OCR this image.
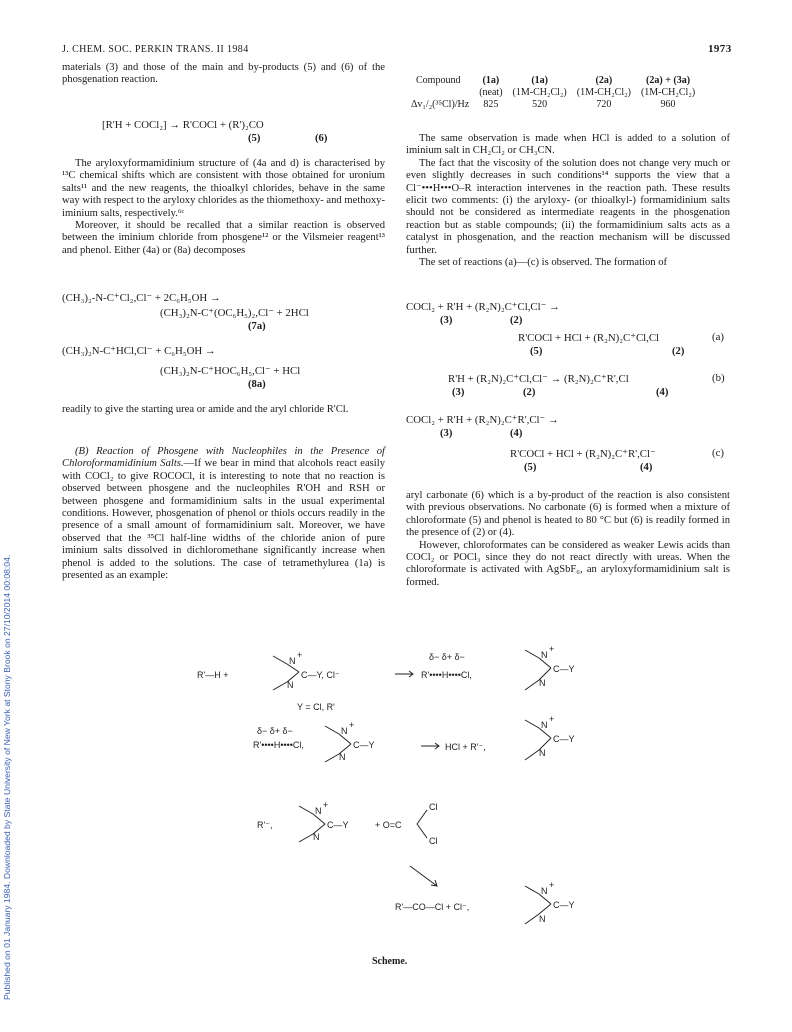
J. CHEM. SOC. PERKIN TRANS. II 1984	1973
Published on 01 January 1984. Downloaded by State University of New York at Stony Brook on 27/10/2014 00:08:04.

materials (3) and those of the main and by-products (5) and (6) of the phosgenation reaction.

[R'H + COCl₂] → R'COCl + (R')₂CO
(5)	(6)

The aryloxyformamidinium structure of (4a and d) is characterised by ¹³C chemical shifts which are consistent with those obtained for uronium salts¹¹ and the new reagents, the thioalkyl chlorides, behave in the same way with respect to the aryloxy chlorides as the thiomethoxy- and methoxy-iminium salts, respectively.⁶ᶜ

Moreover, it should be recalled that a similar reaction is observed between the iminium chloride from phosgene¹² or the Vilsmeier reagent¹³ and phenol. Either (4a) or (8a) decomposes

(CH₃)₂-N-C⁺Cl₂,Cl⁻ + 2C₆H₅OH →
(CH₃)₂N-C⁺(OC₆H₅)₂,Cl⁻ + 2HCl
(7a)
(CH₃)₂N-C⁺HCl,Cl⁻ + C₆H₅OH →
(CH₃)₂N-C⁺HOC₆H₅,Cl⁻ + HCl
(8a)

readily to give the starting urea or amide and the aryl chloride R'Cl.

(B) Reaction of Phosgene with Nucleophiles in the Presence of Chloroformamidinium Salts.—If we bear in mind that alcohols react easily with COCl₂ to give ROCOCl, it is interesting to note that no reaction is observed between phosgene and the nucleophiles R'OH and RSH or between phosgene and formamidinium salts in the usual experimental conditions. However, phosgenation of phenol or thiols occurs readily in the presence of a small amount of formamidinium salt. Moreover, we have observed that the ³⁵Cl half-line widths of the chloride anion of pure iminium salts dissolved in dichloromethane significantly increase when phenol is added to the solutions. The case of tetramethylurea (1a) is presented as an example:

Compound	(1a)	(1a)	(2a)	(2a) + (3a)
	(neat)	(1M-CH₂Cl₂)	(1M-CH₂Cl₂)	(1M-CH₂Cl₂)
Δv₁/₂(³⁵Cl)/Hz	825	520	720	960

The same observation is made when HCl is added to a solution of iminium salt in CH₂Cl₂ or CH₃CN.

The fact that the viscosity of the solution does not change very much or even slightly decreases in such conditions¹⁴ supports the view that a Cl⁻•••H•••O–R interaction intervenes in the reaction path. These results elicit two comments: (i) the aryloxy- (or thioalkyl-) formamidinium salts should not be considered as intermediate reagents in the phosgenation reaction but as stable compounds; (ii) the formamidinium salts acts as a catalyst in phosgenation, and the reaction mechanism will be discussed further.

The set of reactions (a)—(c) is observed. The formation of

COCl₂ + R'H + (R₂N)₂C⁺Cl,Cl⁻ →
(3)	(2)
R'COCl + HCl + (R₂N)₂C⁺Cl,Cl	(a)
(5)	(2)
R'H + (R₂N)₂C⁺Cl,Cl⁻ → (R₂N)₂C⁺R',Cl	(b)
(3)	(2)	(4)
COCl₂ + R'H + (R₂N)₂C⁺R',Cl⁻ →
(3)	(4)
R'COCl + HCl + (R₂N)₂C⁺R',Cl⁻	(c)
(5)	(4)

aryl carbonate (6) which is a by-product of the reaction is also consistent with previous observations. No carbonate (6) is formed when a mixture of chloroformate (5) and phenol is heated to 80 °C but (6) is readily formed in the presence of (2) or (4).

However, chloroformates can be considered as weaker Lewis acids than COCl₂ or POCl₃ since they do not react directly with ureas. When the chloroformate is activated with AgSbF₆, an aryloxyformamidinium salt is formed.

R'—H +
N
+
N
C—Y, Cl⁻
δ− δ+ δ−
R'••••H••••Cl,
N
+
N
C—Y
Y = Cl, R'
δ− δ+ δ−
R'••••H••••Cl,
N
+
N
C—Y	HCl + R'⁻,
N
+
N
C—Y
R'⁻,
N
+
N
C—Y	+ O=C
Cl
Cl
R'—CO—Cl + Cl⁻,
N
+
N
C—Y
Scheme.
